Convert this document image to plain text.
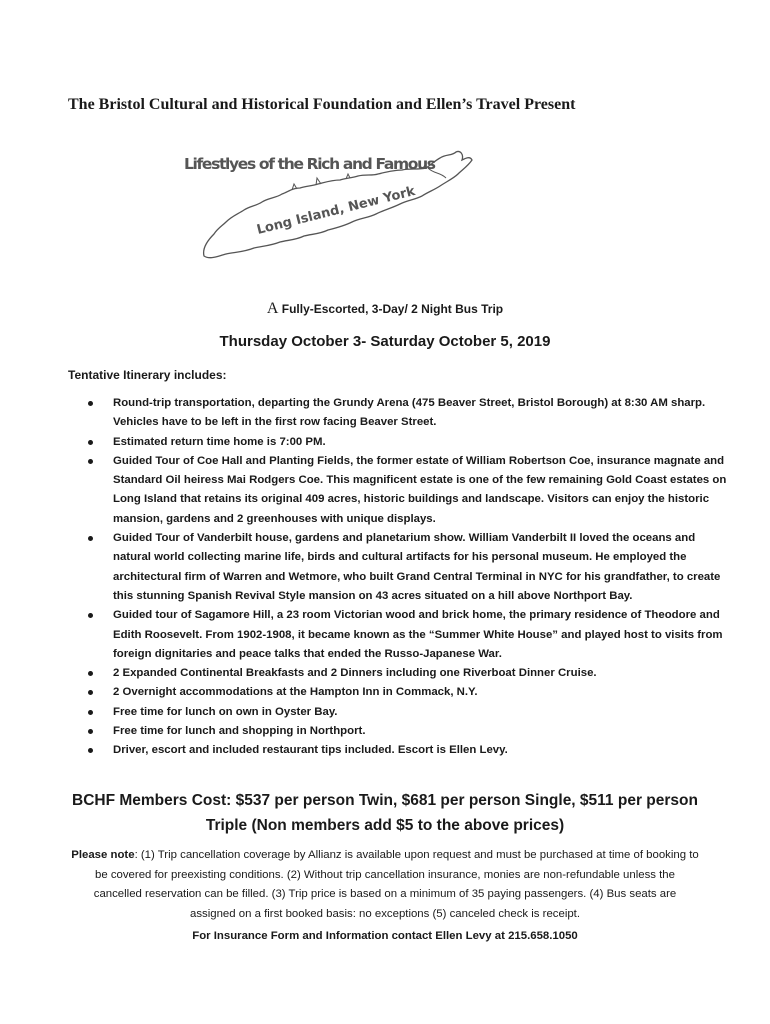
The Bristol Cultural and Historical Foundation and Ellen’s Travel Present
Lifestlyes of the Rich and Famous
Long Island, New York
A Fully-Escorted, 3-Day/ 2 Night Bus Trip
Thursday October 3- Saturday October 5, 2019
Tentative Itinerary includes:
Round-trip transportation, departing the Grundy Arena (475 Beaver Street, Bristol Borough) at 8:30 AM sharp. Vehicles have to be left in the first row facing Beaver Street.
Estimated return time home is 7:00 PM.
Guided Tour of Coe Hall and Planting Fields, the former estate of William Robertson Coe, insurance magnate and Standard Oil heiress Mai Rodgers Coe. This magnificent estate is one of the few remaining Gold Coast estates on Long Island that retains its original 409 acres, historic buildings and landscape. Visitors can enjoy the historic mansion, gardens and 2 greenhouses with unique displays.
Guided Tour of Vanderbilt house, gardens and planetarium show. William Vanderbilt II loved the oceans and natural world collecting marine life, birds and cultural artifacts for his personal museum. He employed the architectural firm of Warren and Wetmore, who built Grand Central Terminal in NYC for his grandfather, to create this stunning Spanish Revival Style mansion on 43 acres situated on a hill above Northport Bay.
Guided tour of Sagamore Hill, a 23 room Victorian wood and brick home, the primary residence of Theodore and Edith Roosevelt. From 1902-1908, it became known as the “Summer White House” and played host to visits from foreign dignitaries and peace talks that ended the Russo-Japanese War.
2 Expanded Continental Breakfasts and 2 Dinners including one Riverboat Dinner Cruise.
2 Overnight accommodations at the Hampton Inn in Commack, N.Y.
Free time for lunch on own in Oyster Bay.
Free time for lunch and shopping in Northport.
Driver, escort and included restaurant tips included. Escort is Ellen Levy.
BCHF Members Cost: $537 per person Twin, $681 per person Single, $511 per person Triple (Non members add $5 to the above prices)
Please note: (1) Trip cancellation coverage by Allianz is available upon request and must be purchased at time of booking to be covered for preexisting conditions. (2) Without trip cancellation insurance, monies are non-refundable unless the cancelled reservation can be filled. (3) Trip price is based on a minimum of 35 paying passengers. (4) Bus seats are assigned on a first booked basis: no exceptions (5) canceled check is receipt.
For Insurance Form and Information contact Ellen Levy at 215.658.1050
